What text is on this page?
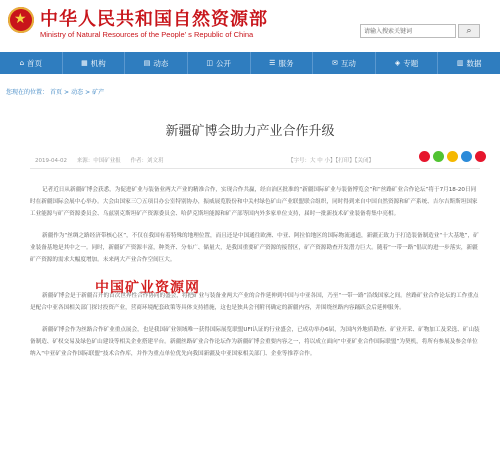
★ 中华人民共和国自然资源部
Ministry of Natural Resources of the People' s Republic of China	请输入搜索关键词	⌕
⌂ 首页	▦ 机构	▤ 动态	◫ 公开	☰ 服务	✉ 互动	◈ 专题	▥ 数据
您现在的位置： 首页 > 动态 > 矿产
新疆矿博会助力产业合作升级
2019-04-02 来源：中国矿业报 作者：刘文玥	【字号：大 中 小】【打印】【关闭】

记者近日从新疆矿博会获悉，为促进矿业与装备业两大产业的精准合作，实现合作共赢，经自治区批准的“新疆国际矿业与装备博览会”和“丝路矿业合作论坛”将于7月18-20日同时在新疆国际会展中心举办。大会由国家三〇五项目办公室特别协办，振威展览股份和中关村绿色矿山产业联盟联合组织，同时得到来自中国自然资源和矿产系统、吉尔吉斯斯坦国家工业能源与矿产资源委员会、乌兹别克斯坦矿产资源委员会、哈萨克斯坦能源和矿产部等国内外多家单位支持，届时一批新技术矿业装备将集中亮相。

新疆作为“丝绸之路经济带核心区”，不仅在我国有着特殊的地理位置，而且还是中国通往欧洲、中亚、阿拉伯地区的国际物流通道，新疆正致力于打造装备制造业“十大基地”，矿业装备基地是其中之一。同时，新疆矿产资源丰富，种类齐、分布广、储量大，是我国重要矿产资源的接替区，矿产资源勘查开发潜力巨大。随着“一带一路”倡议的进一步落实，新疆矿产资源的需求大幅度增加。未来两大产业合作空间巨大。

新疆矿博会是于新疆召开的首次世界性合作协同的盛会，将把矿业与装备业两大产业的合作延伸到中国与中亚各国，乃至“一带一路”沿线国家之间。丝路矿业合作论坛的工作重点是配合中亚各国相关部门探讨投资产业，营商环境配套政策等具体支持措施，这也是独具会刊附刊确定的新疆内容，并围绕丝路内容踊跃会后延伸服务。

新疆矿博会作为丝路合作矿业重点展会，也是我国矿业领域唯一获得国际展览联盟UFI认证的行业盛会，已成功举办6届，为国内外地质勘查、矿业开采、矿物加工及采选、矿山装备制造、矿权交易及绿色矿山建设等相关企业搭建平台。新疆丝路矿业合作论坛作为新疆矿博会重要内容之一，将以成立面向“中亚矿业合作国际联盟”为契机，将所有参展及参会单位纳入“中亚矿业合作国际联盟”技术合作库，并作为重点单位优先向我国新疆及中亚国家相关部门、企业等推荐合作。

中国矿业资源网
